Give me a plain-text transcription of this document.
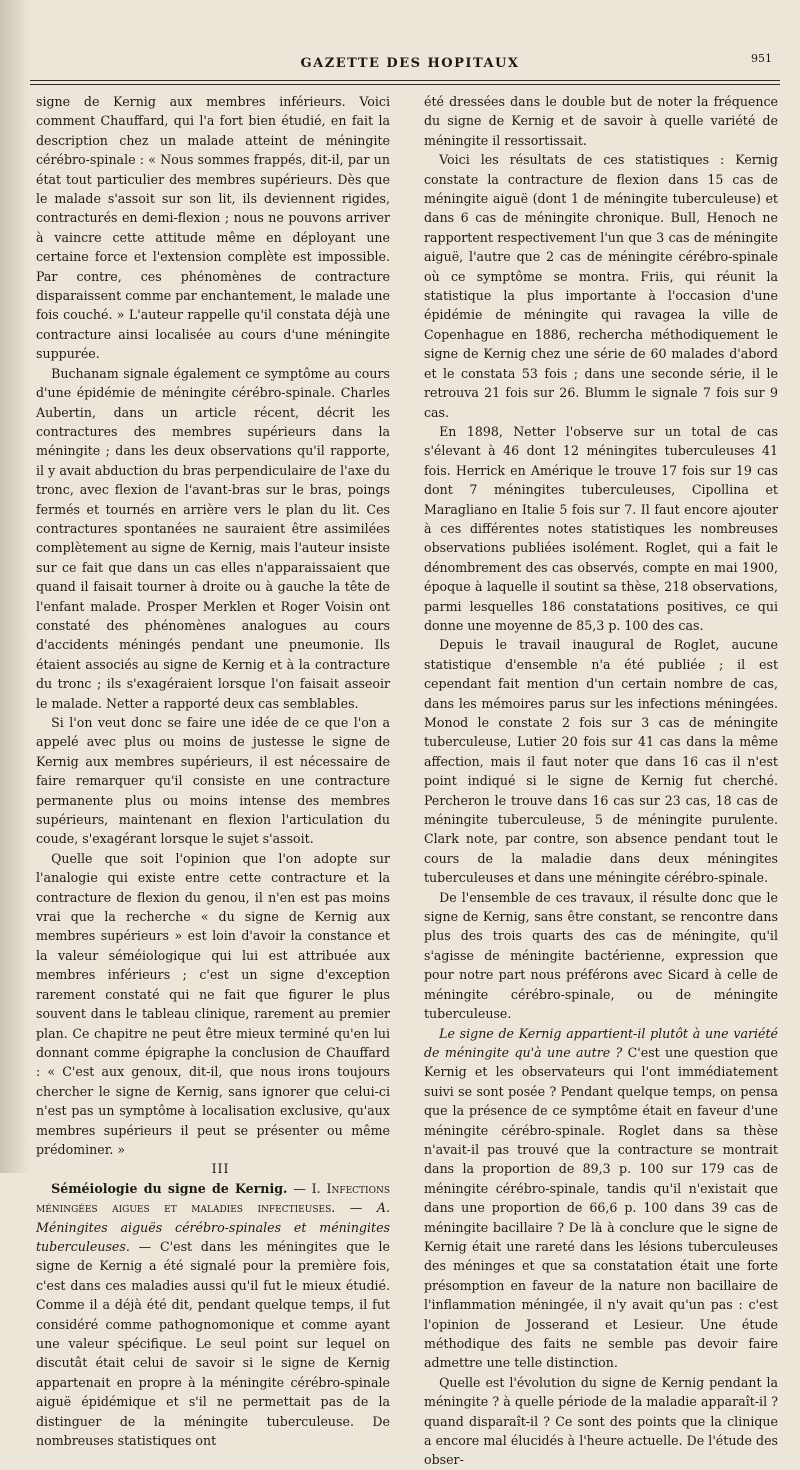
GAZETTE DES HOPITAUX	951

signe de Kernig aux membres inférieurs. Voici comment Chauffard, qui l'a fort bien étudié, en fait la description chez un malade atteint de méningite cérébro-spinale : « Nous sommes frappés, dit-il, par un état tout particulier des membres supérieurs. Dès que le malade s'assoit sur son lit, ils deviennent rigides, contracturés en demi-flexion ; nous ne pouvons arriver à vaincre cette attitude même en déployant une certaine force et l'extension complète est impossible. Par contre, ces phénomènes de contracture disparaissent comme par enchantement, le malade une fois couché. » L'auteur rappelle qu'il constata déjà une contracture ainsi localisée au cours d'une méningite suppurée.

Buchanam signale également ce symptôme au cours d'une épidémie de méningite cérébro-spinale. Charles Aubertin, dans un article récent, décrit les contractures des membres supérieurs dans la méningite ; dans les deux observations qu'il rapporte, il y avait abduction du bras perpendiculaire de l'axe du tronc, avec flexion de l'avant-bras sur le bras, poings fermés et tournés en arrière vers le plan du lit. Ces contractures spontanées ne sauraient être assimilées complètement au signe de Kernig, mais l'auteur insiste sur ce fait que dans un cas elles n'apparaissaient que quand il faisait tourner à droite ou à gauche la tête de l'enfant malade. Prosper Merklen et Roger Voisin ont constaté des phénomènes analogues au cours d'accidents méningés pendant une pneumonie. Ils étaient associés au signe de Kernig et à la contracture du tronc ; ils s'exagéraient lorsque l'on faisait asseoir le malade. Netter a rapporté deux cas semblables.

Si l'on veut donc se faire une idée de ce que l'on a appelé avec plus ou moins de justesse le signe de Kernig aux membres supérieurs, il est nécessaire de faire remarquer qu'il consiste en une contracture permanente plus ou moins intense des membres supérieurs, maintenant en flexion l'articulation du coude, s'exagérant lorsque le sujet s'assoit.

Quelle que soit l'opinion que l'on adopte sur l'analogie qui existe entre cette contracture et la contracture de flexion du genou, il n'en est pas moins vrai que la recherche « du signe de Kernig aux membres supérieurs » est loin d'avoir la constance et la valeur séméiologique qui lui est attribuée aux membres inférieurs ; c'est un signe d'exception rarement constaté qui ne fait que figurer le plus souvent dans le tableau clinique, rarement au premier plan. Ce chapitre ne peut être mieux terminé qu'en lui donnant comme épigraphe la conclusion de Chauffard : « C'est aux genoux, dit-il, que nous irons toujours chercher le signe de Kernig, sans ignorer que celui-ci n'est pas un symptôme à localisation exclusive, qu'aux membres supérieurs il peut se présenter ou même prédominer. »

III

Séméiologie du signe de Kernig. — I. Infections méningées aigues et maladies infectieuses. — A. Méningites aiguës cérébro-spinales et méningites tuberculeuses. — C'est dans les méningites que le signe de Kernig a été signalé pour la première fois, c'est dans ces maladies aussi qu'il fut le mieux étudié. Comme il a déjà été dit, pendant quelque temps, il fut considéré comme pathognomonique et comme ayant une valeur spécifique. Le seul point sur lequel on discutât était celui de savoir si le signe de Kernig appartenait en propre à la méningite cérébro-spinale aiguë épidémique et s'il ne permettait pas de la distinguer de la méningite tuberculeuse. De nombreuses statistiques ont

été dressées dans le double but de noter la fréquence du signe de Kernig et de savoir à quelle variété de méningite il ressortissait.

Voici les résultats de ces statistiques : Kernig constate la contracture de flexion dans 15 cas de méningite aiguë (dont 1 de méningite tuberculeuse) et dans 6 cas de méningite chronique. Bull, Henoch ne rapportent respectivement l'un que 3 cas de méningite aiguë, l'autre que 2 cas de méningite cérébro-spinale où ce symptôme se montra. Friis, qui réunit la statistique la plus importante à l'occasion d'une épidémie de méningite qui ravagea la ville de Copenhague en 1886, rechercha méthodiquement le signe de Kernig chez une série de 60 malades d'abord et le constata 53 fois ; dans une seconde série, il le retrouva 21 fois sur 26. Blumm le signale 7 fois sur 9 cas.

En 1898, Netter l'observe sur un total de cas s'élevant à 46 dont 12 méningites tuberculeuses 41 fois. Herrick en Amérique le trouve 17 fois sur 19 cas dont 7 méningites tuberculeuses, Cipollina et Maragliano en Italie 5 fois sur 7. Il faut encore ajouter à ces différentes notes statistiques les nombreuses observations publiées isolément. Roglet, qui a fait le dénombrement des cas observés, compte en mai 1900, époque à laquelle il soutint sa thèse, 218 observations, parmi lesquelles 186 constatations positives, ce qui donne une moyenne de 85,3 p. 100 des cas.

Depuis le travail inaugural de Roglet, aucune statistique d'ensemble n'a été publiée ; il est cependant fait mention d'un certain nombre de cas, dans les mémoires parus sur les infections méningées. Monod le constate 2 fois sur 3 cas de méningite tuberculeuse, Lutier 20 fois sur 41 cas dans la même affection, mais il faut noter que dans 16 cas il n'est point indiqué si le signe de Kernig fut cherché. Percheron le trouve dans 16 cas sur 23 cas, 18 cas de méningite tuberculeuse, 5 de méningite purulente. Clark note, par contre, son absence pendant tout le cours de la maladie dans deux méningites tuberculeuses et dans une méningite cérébro-spinale.

De l'ensemble de ces travaux, il résulte donc que le signe de Kernig, sans être constant, se rencontre dans plus des trois quarts des cas de méningite, qu'il s'agisse de méningite bactérienne, expression que pour notre part nous préférons avec Sicard à celle de méningite cérébro-spinale, ou de méningite tuberculeuse.

Le signe de Kernig appartient-il plutôt à une variété de méningite qu'à une autre ? C'est une question que Kernig et les observateurs qui l'ont immédiatement suivi se sont posée ? Pendant quelque temps, on pensa que la présence de ce symptôme était en faveur d'une méningite cérébro-spinale. Roglet dans sa thèse n'avait-il pas trouvé que la contracture se montrait dans la proportion de 89,3 p. 100 sur 179 cas de méningite cérébro-spinale, tandis qu'il n'existait que dans une proportion de 66,6 p. 100 dans 39 cas de méningite bacillaire ? De là à conclure que le signe de Kernig était une rareté dans les lésions tuberculeuses des méninges et que sa constatation était une forte présomption en faveur de la nature non bacillaire de l'inflammation méningée, il n'y avait qu'un pas : c'est l'opinion de Josserand et Lesieur. Une étude méthodique des faits ne semble pas devoir faire admettre une telle distinction.

Quelle est l'évolution du signe de Kernig pendant la méningite ? à quelle période de la maladie apparaît-il ? quand disparaît-il ? Ce sont des points que la clinique a encore mal élucidés à l'heure actuelle. De l'étude des obser-
